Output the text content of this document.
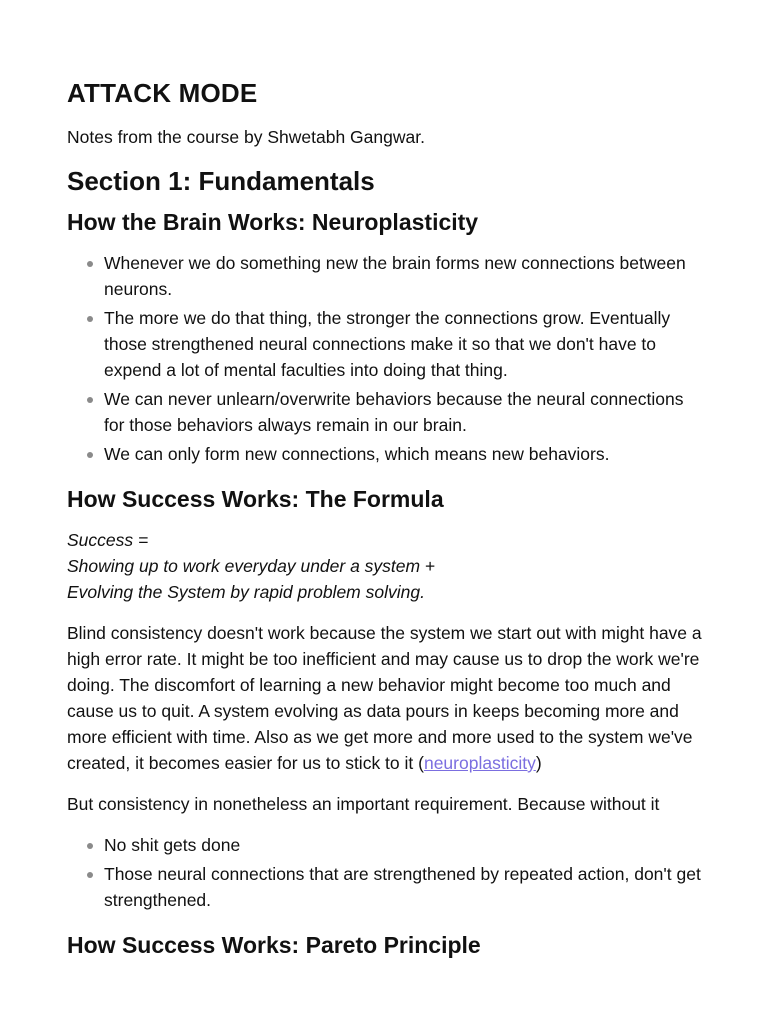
ATTACK MODE

Notes from the course by Shwetabh Gangwar.

Section 1: Fundamentals
How the Brain Works: Neuroplasticity
Whenever we do something new the brain forms new connections between neurons.
The more we do that thing, the stronger the connections grow. Eventually those strengthened neural connections make it so that we don't have to expend a lot of mental faculties into doing that thing.
We can never unlearn/overwrite behaviors because the neural connections for those behaviors always remain in our brain.
We can only form new connections, which means new behaviors.
How Success Works: The Formula
Success =
Showing up to work everyday under a system +
Evolving the System by rapid problem solving.

Blind consistency doesn't work because the system we start out with might have a high error rate. It might be too inefficient and may cause us to drop the work we're doing. The discomfort of learning a new behavior might become too much and cause us to quit. A system evolving as data pours in keeps becoming more and more efficient with time. Also as we get more and more used to the system we've created, it becomes easier for us to stick to it (neuroplasticity)

But consistency in nonetheless an important requirement. Because without it

No shit gets done
Those neural connections that are strengthened by repeated action, don't get strengthened.
How Success Works: Pareto Principle
